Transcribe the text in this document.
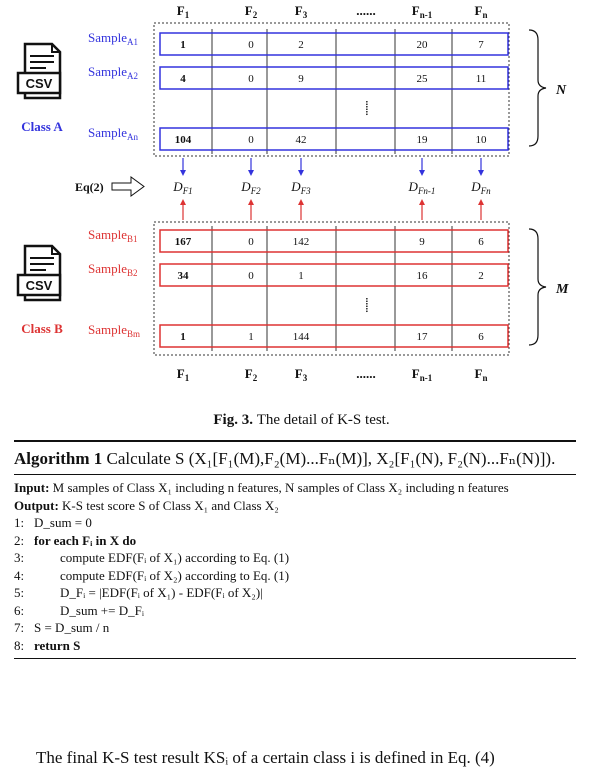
$F_1$	$F_2$	$F_3$	......	$F_{n-1}$	$F_n$
1	0	2	20	7
4	0	9	25	11
104	0	42	19	10
Sample$_{A1}$
Sample$_{A2}$
Sample$_{An}$
......
CSV
Class A
N
Eq(2)	$D_{F1}$	$D_{F2}$ $D_{F3}$	$D_{Fn-1}$	$D_{Fn}$
167	0	142	9	6
34	0	1	16	2
1	1	144	17	6
Sample$_{B1}$
Sample$_{B2}$
Sample$_{Bm}$
......
CSV
Class B
M
$F_1$	$F_2$	$F_3$	......	$F_{n-1}$	$F_n$
Fig. 3. The detail of K-S test.
Algorithm 1 Calculate S (X₁[F₁(M),F₂(M)...Fₙ(M)], X₂[F₁(N), F₂(N)...Fₙ(N)]).
Input: M samples of Class X₁ including n features, N samples of Class X₂ including n features
Output: K-S test score S of Class X₁ and Class X₂
1: D_sum = 0
2: for each Fᵢ in X do
3:	compute EDF(Fᵢ of X₁) according to Eq. (1)
4:	compute EDF(Fᵢ of X₂) according to Eq. (1)
5:	D_Fᵢ = |EDF(Fᵢ of X₁) - EDF(Fᵢ of X₂)|
6:	D_sum += D_Fᵢ
7: S = D_sum / n
8: return S
The final K-S test result KSᵢ of a certain class i is defined in Eq. (4)
